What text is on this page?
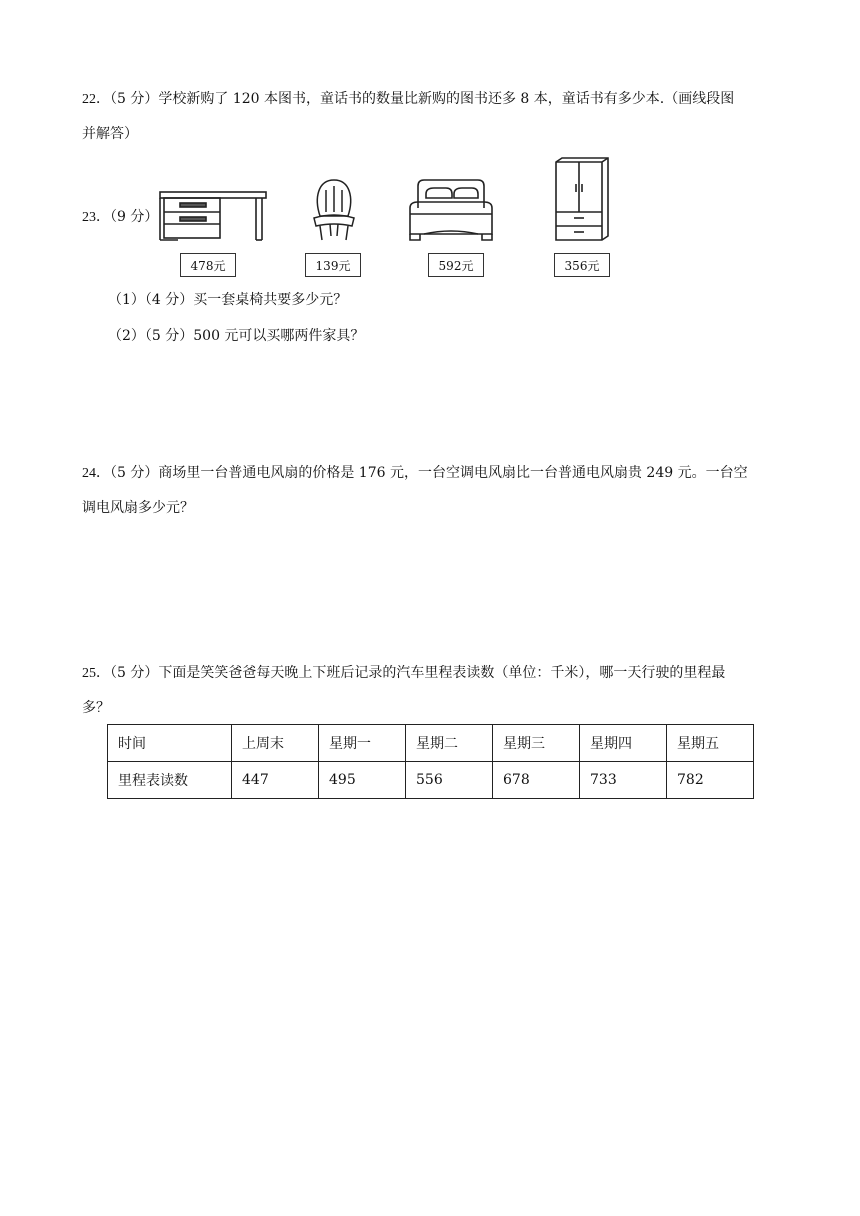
22．（5 分）学校新购了 120 本图书，童话书的数量比新购的图书还多 8 本，童话书有多少本.（画线段图
并解答）
23．（9 分）
478元	139元	592元	356元
（1）（4 分）买一套桌椅共要多少元？
（2）（5 分）500 元可以买哪两件家具？
24．（5 分）商场里一台普通电风扇的价格是 176 元，一台空调电风扇比一台普通电风扇贵 249 元。一台空
调电风扇多少元？
25．（5 分）下面是笑笑爸爸每天晚上下班后记录的汽车里程表读数（单位：千米），哪一天行驶的里程最
多？
时间	上周末	星期一	星期二	星期三	星期四	星期五
里程表读数	447	495	556	678	733	782
